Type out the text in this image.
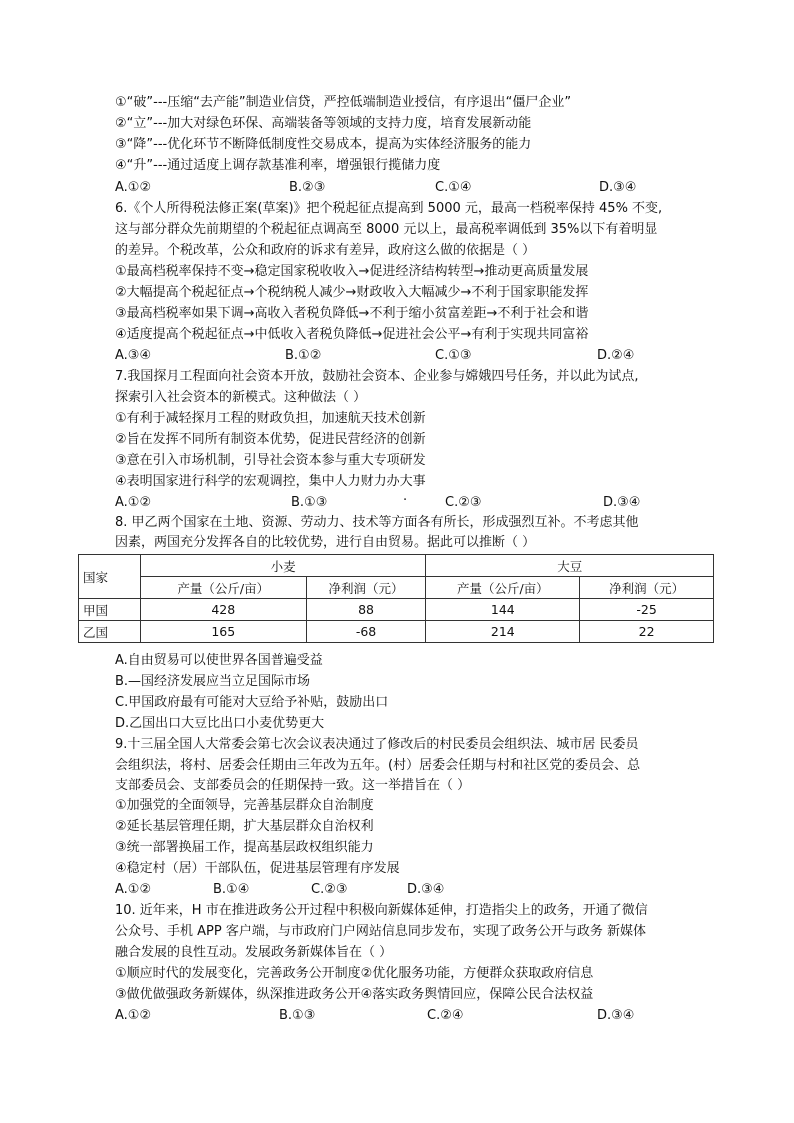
①“破”---压缩“去产能”制造业信贷，严控低端制造业授信，有序退出“僵尸企业”
②“立”---加大对绿色环保、高端装备等领域的支持力度，培育发展新动能
③“降”---优化环节不断降低制度性交易成本，提高为实体经济服务的能力
④“升”---通过适度上调存款基准利率，增强银行揽储力度
A.①②	B.②③	C.①④	D.③④
6.《个人所得税法修正案(草案)》把个税起征点提高到 5000 元，最高一档税率保持 45% 不变,
这与部分群众先前期望的个税起征点调高至 8000 元以上，最高税率调低到 35%以下有着明显
的差异。个税改革，公众和政府的诉求有差异，政府这么做的依据是（ ）
①最高档税率保持不变→稳定国家税收收入→促进经济结构转型→推动更高质量发展
②大幅提高个税起征点→个税纳税人减少→财政收入大幅减少→不利于国家职能发挥
③最高档税率如果下调→高收入者税负降低→不利于缩小贫富差距→不利于社会和谐
④适度提高个税起征点→中低收入者税负降低→促进社会公平→有利于实现共同富裕
A.③④	B.①②	C.①③	D.②④
7.我国探月工程面向社会资本开放，鼓励社会资本、企业参与嫦娥四号任务，并以此为试点,
探索引入社会资本的新模式。这种做法（ ）
①有利于减轻探月工程的财政负担，加速航天技术创新
②旨在发挥不同所有制资本优势，促进民营经济的创新
③意在引入市场机制，引导社会资本参与重大专项研发
④表明国家进行科学的宏观调控，集中人力财力办大事
A.①②	B.①③	.	C.②③	D.③④
8. 甲乙两个国家在土地、资源、劳动力、技术等方面各有所长，形成强烈互补。不考虑其他
因素，两国充分发挥各自的比较优势，进行自由贸易。据此可以推断（ ）
国家	小麦		大豆	
	产量（公斤/亩）	净利润（元）	产量（公斤/亩）	净利润（元）
甲国	428	88	144	-25
乙国	165	-68	214	22
A.自由贸易可以使世界各国普遍受益
B.—国经济发展应当立足国际市场
C.甲国政府最有可能对大豆给予补贴，鼓励出口
D.乙国出口大豆比出口小麦优势更大
9.十三届全国人大常委会第七次会议表决通过了修改后的村民委员会组织法、城市居 民委员
会组织法，将村、居委会任期由三年改为五年。(村）居委会任期与村和社区党的委员会、总
支部委员会、支部委员会的任期保持一致。这一举措旨在（ ）
①加强党的全面领导，完善基层群众自治制度
②延长基层管理任期，扩大基层群众自治权利
③统一部署换届工作，提高基层政权组织能力
④稳定村（居）干部队伍，促进基层管理有序发展
A.①②	B.①④	C.②③	D.③④
10. 近年来，H 市在推进政务公开过程中积极向新媒体延伸，打造指尖上的政务，开通了微信
公众号、手机 APP 客户端，与市政府门户网站信息同步发布，实现了政务公开与政务 新媒体
融合发展的良性互动。发展政务新媒体旨在（ ）
①顺应时代的发展变化，完善政务公开制度②优化服务功能，方便群众获取政府信息
③做优做强政务新媒体，纵深推进政务公开④落实政务舆情回应，保障公民合法权益
A.①②	B.①③	C.②④	D.③④
